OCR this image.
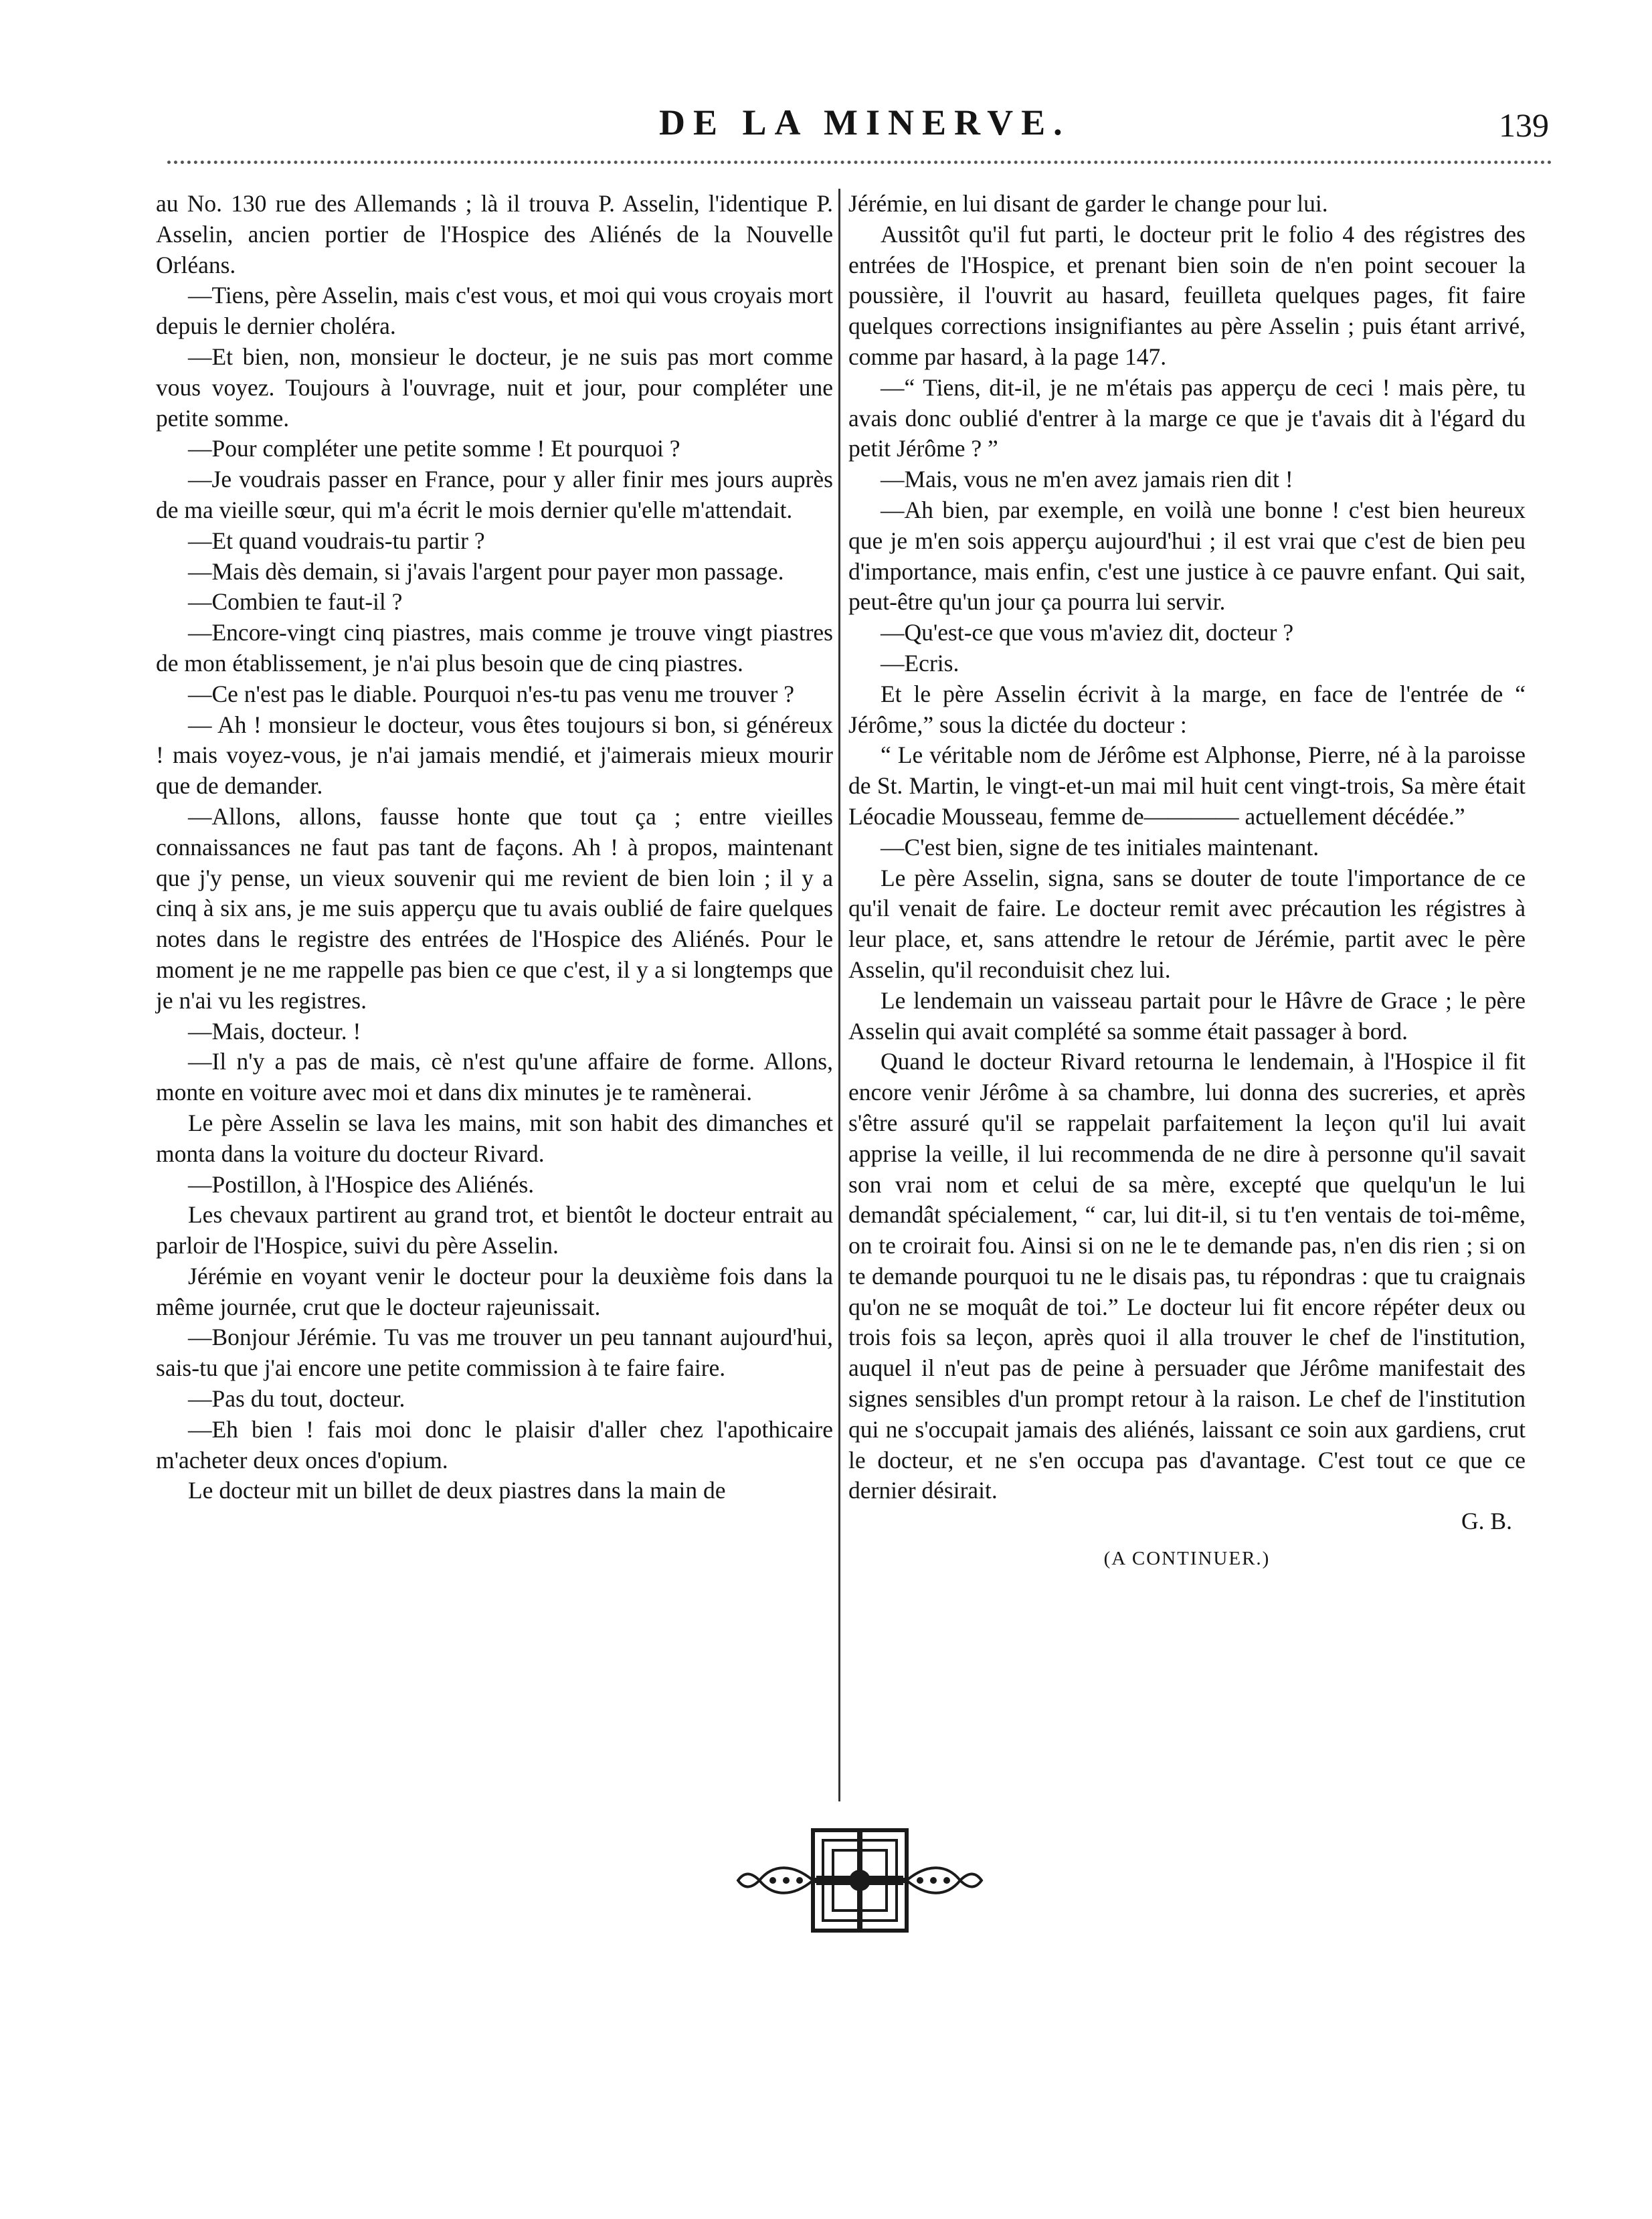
DE LA MINERVE.	139

au No. 130 rue des Allemands ; là il trouva P. Asselin, l'identique P. Asselin, ancien portier de l'Hospice des Aliénés de la Nouvelle Orléans.

—Tiens, père Asselin, mais c'est vous, et moi qui vous croyais mort depuis le dernier choléra.

—Et bien, non, monsieur le docteur, je ne suis pas mort comme vous voyez. Toujours à l'ouvrage, nuit et jour, pour compléter une petite somme.

—Pour compléter une petite somme ! Et pourquoi ?

—Je voudrais passer en France, pour y aller finir mes jours auprès de ma vieille sœur, qui m'a écrit le mois dernier qu'elle m'attendait.

—Et quand voudrais-tu partir ?

—Mais dès demain, si j'avais l'argent pour payer mon passage.

—Combien te faut-il ?

—Encore-vingt cinq piastres, mais comme je trouve vingt piastres de mon établissement, je n'ai plus besoin que de cinq piastres.

—Ce n'est pas le diable. Pourquoi n'es-tu pas venu me trouver ?

— Ah ! monsieur le docteur, vous êtes toujours si bon, si généreux ! mais voyez-vous, je n'ai jamais mendié, et j'aimerais mieux mourir que de demander.

—Allons, allons, fausse honte que tout ça ; entre vieilles connaissances ne faut pas tant de façons. Ah ! à propos, maintenant que j'y pense, un vieux souvenir qui me revient de bien loin ; il y a cinq à six ans, je me suis apperçu que tu avais oublié de faire quelques notes dans le registre des entrées de l'Hospice des Aliénés. Pour le moment je ne me rappelle pas bien ce que c'est, il y a si longtemps que je n'ai vu les registres.

—Mais, docteur. !

—Il n'y a pas de mais, cè n'est qu'une affaire de forme. Allons, monte en voiture avec moi et dans dix minutes je te ramènerai.

Le père Asselin se lava les mains, mit son habit des dimanches et monta dans la voiture du docteur Rivard.

—Postillon, à l'Hospice des Aliénés.

Les chevaux partirent au grand trot, et bientôt le docteur entrait au parloir de l'Hospice, suivi du père Asselin.

Jérémie en voyant venir le docteur pour la deuxième fois dans la même journée, crut que le docteur rajeunissait.

—Bonjour Jérémie. Tu vas me trouver un peu tannant aujourd'hui, sais-tu que j'ai encore une petite commission à te faire faire.

—Pas du tout, docteur.

—Eh bien ! fais moi donc le plaisir d'aller chez l'apothicaire m'acheter deux onces d'opium.

Le docteur mit un billet de deux piastres dans la main de

Jérémie, en lui disant de garder le change pour lui.

Aussitôt qu'il fut parti, le docteur prit le folio 4 des régistres des entrées de l'Hospice, et prenant bien soin de n'en point secouer la poussière, il l'ouvrit au hasard, feuilleta quelques pages, fit faire quelques corrections insignifiantes au père Asselin ; puis étant arrivé, comme par hasard, à la page 147.

—“ Tiens, dit-il, je ne m'étais pas apperçu de ceci ! mais père, tu avais donc oublié d'entrer à la marge ce que je t'avais dit à l'égard du petit Jérôme ? ”

—Mais, vous ne m'en avez jamais rien dit !

—Ah bien, par exemple, en voilà une bonne ! c'est bien heureux que je m'en sois apperçu aujourd'hui ; il est vrai que c'est de bien peu d'importance, mais enfin, c'est une justice à ce pauvre enfant. Qui sait, peut-être qu'un jour ça pourra lui servir.

—Qu'est-ce que vous m'aviez dit, docteur ?

—Ecris.

Et le père Asselin écrivit à la marge, en face de l'entrée de “ Jérôme,” sous la dictée du docteur :

“ Le véritable nom de Jérôme est Alphonse, Pierre, né à la paroisse de St. Martin, le vingt-et-un mai mil huit cent vingt-trois, Sa mère était Léocadie Mousseau, femme de———— actuellement décédée.”

—C'est bien, signe de tes initiales maintenant.

Le père Asselin, signa, sans se douter de toute l'importance de ce qu'il venait de faire. Le docteur remit avec précaution les régistres à leur place, et, sans attendre le retour de Jérémie, partit avec le père Asselin, qu'il reconduisit chez lui.

Le lendemain un vaisseau partait pour le Hâvre de Grace ; le père Asselin qui avait complété sa somme était passager à bord.

Quand le docteur Rivard retourna le lendemain, à l'Hospice il fit encore venir Jérôme à sa chambre, lui donna des sucreries, et après s'être assuré qu'il se rappelait parfaitement la leçon qu'il lui avait apprise la veille, il lui recommenda de ne dire à personne qu'il savait son vrai nom et celui de sa mère, excepté que quelqu'un le lui demandât spécialement, “ car, lui dit-il, si tu t'en ventais de toi-même, on te croirait fou. Ainsi si on ne le te demande pas, n'en dis rien ; si on te demande pourquoi tu ne le disais pas, tu répondras : que tu craignais qu'on ne se moquât de toi.” Le docteur lui fit encore répéter deux ou trois fois sa leçon, après quoi il alla trouver le chef de l'institution, auquel il n'eut pas de peine à persuader que Jérôme manifestait des signes sensibles d'un prompt retour à la raison. Le chef de l'institution qui ne s'occupait jamais des aliénés, laissant ce soin aux gardiens, crut le docteur, et ne s'en occupa pas d'avantage. C'est tout ce que ce dernier désirait.

G. B.

(A CONTINUER.)
